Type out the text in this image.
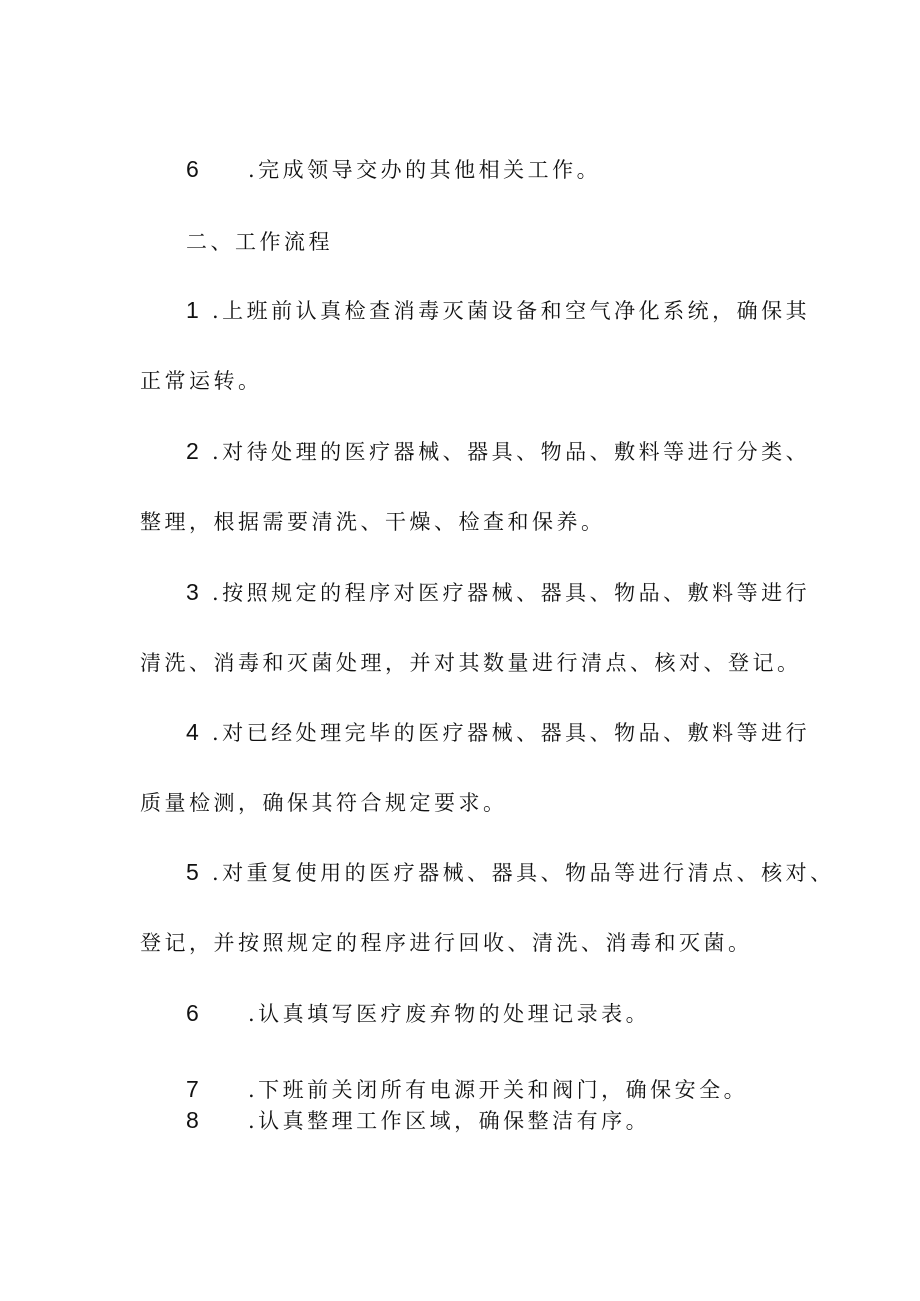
6 .完成领导交办的其他相关工作。
二、工作流程
1 .上班前认真检查消毒灭菌设备和空气净化系统，确保其
正常运转。
2 .对待处理的医疗器械、器具、物品、敷料等进行分类、
整理，根据需要清洗、干燥、检查和保养。
3 .按照规定的程序对医疗器械、器具、物品、敷料等进行
清洗、消毒和灭菌处理，并对其数量进行清点、核对、登记。
4 .对已经处理完毕的医疗器械、器具、物品、敷料等进行
质量检测，确保其符合规定要求。
5 .对重复使用的医疗器械、器具、物品等进行清点、核对、
登记，并按照规定的程序进行回收、清洗、消毒和灭菌。
6 .认真填写医疗废弃物的处理记录表。
7 .下班前关闭所有电源开关和阀门，确保安全。
8 .认真整理工作区域，确保整洁有序。
